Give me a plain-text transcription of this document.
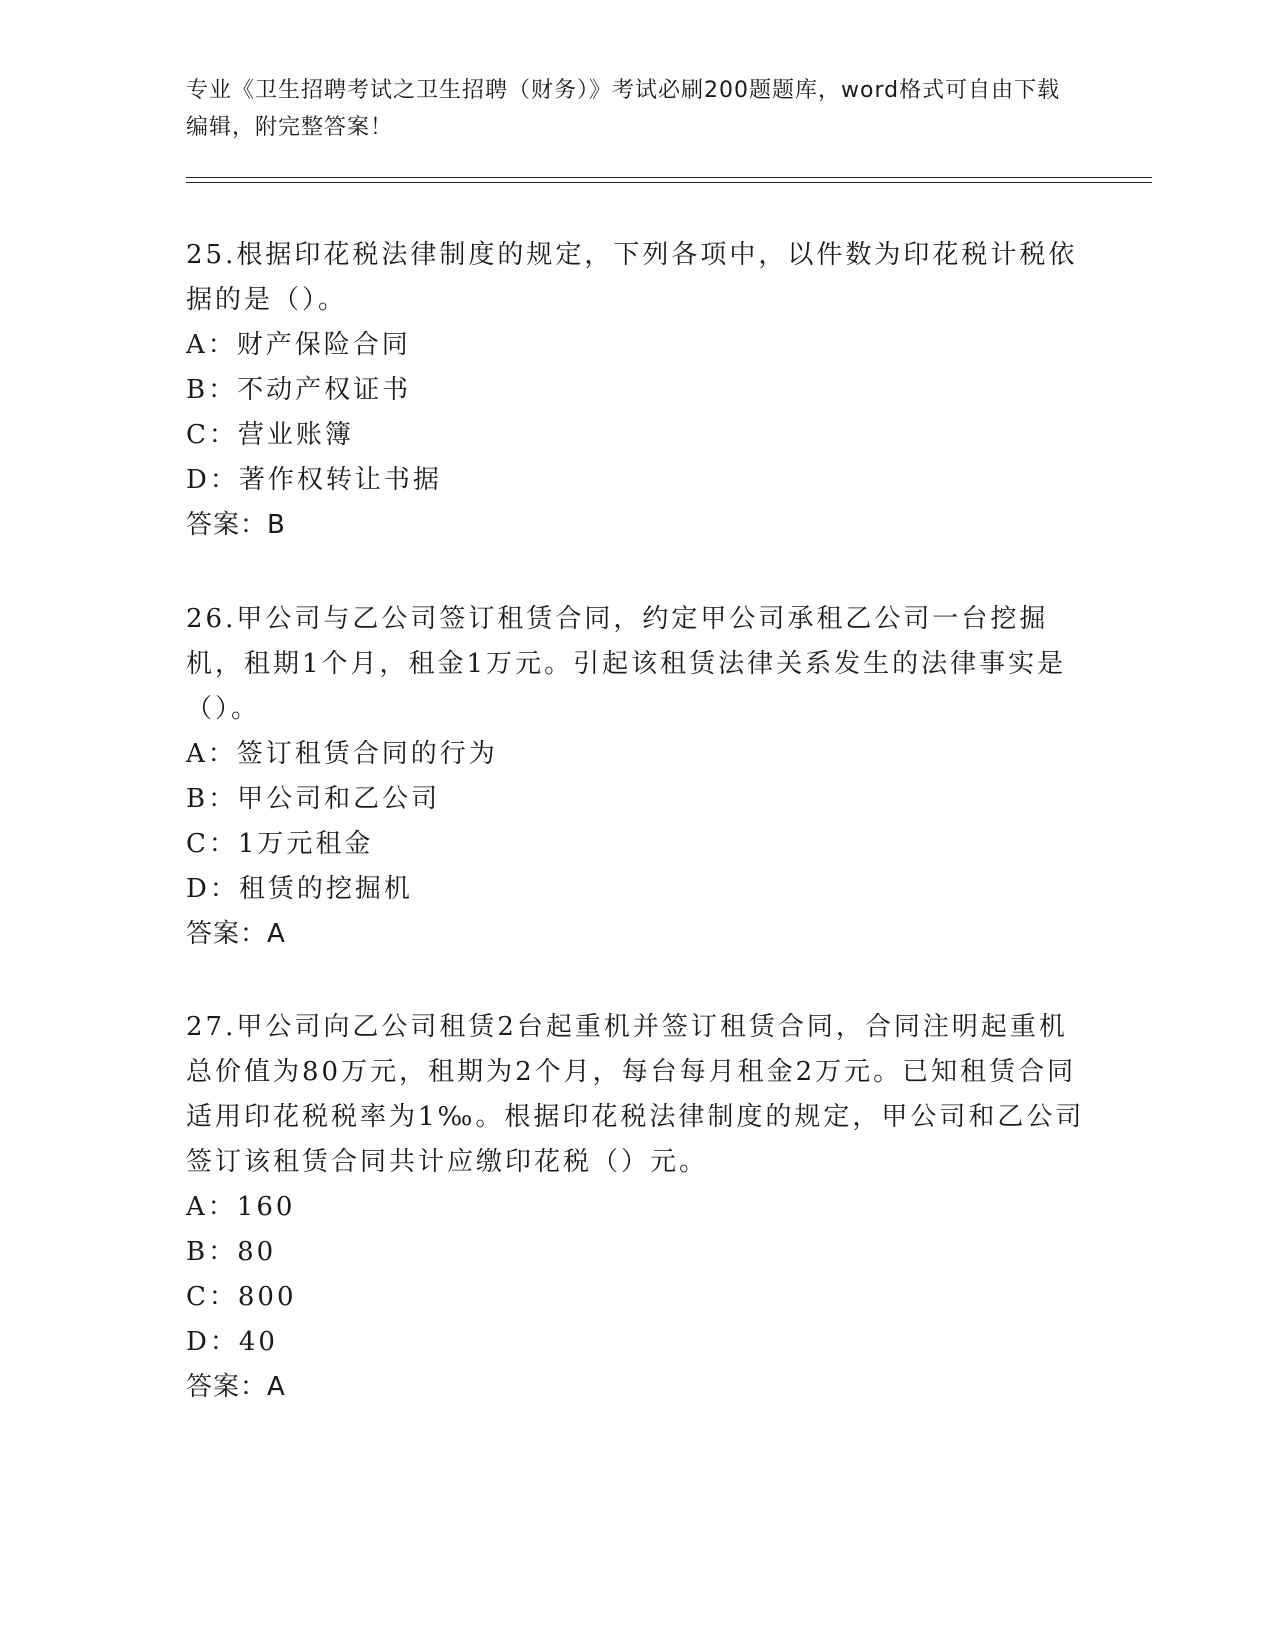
专业《卫生招聘考试之卫生招聘（财务）》考试必刷200题题库，word格式可自由下载编辑，附完整答案！

25.根据印花税法律制度的规定，下列各项中，以件数为印花税计税依据的是（）。

A：财产保险合同

B：不动产权证书

C：营业账簿

D：著作权转让书据

答案：B

26.甲公司与乙公司签订租赁合同，约定甲公司承租乙公司一台挖掘机，租期1个月，租金1万元。引起该租赁法律关系发生的法律事实是（）。

A：签订租赁合同的行为

B：甲公司和乙公司

C：1万元租金

D：租赁的挖掘机

答案：A

27.甲公司向乙公司租赁2台起重机并签订租赁合同，合同注明起重机总价值为80万元，租期为2个月，每台每月租金2万元。已知租赁合同适用印花税税率为1‰。根据印花税法律制度的规定，甲公司和乙公司签订该租赁合同共计应缴印花税（）元。

A：160

B：80

C：800

D：40

答案：A
